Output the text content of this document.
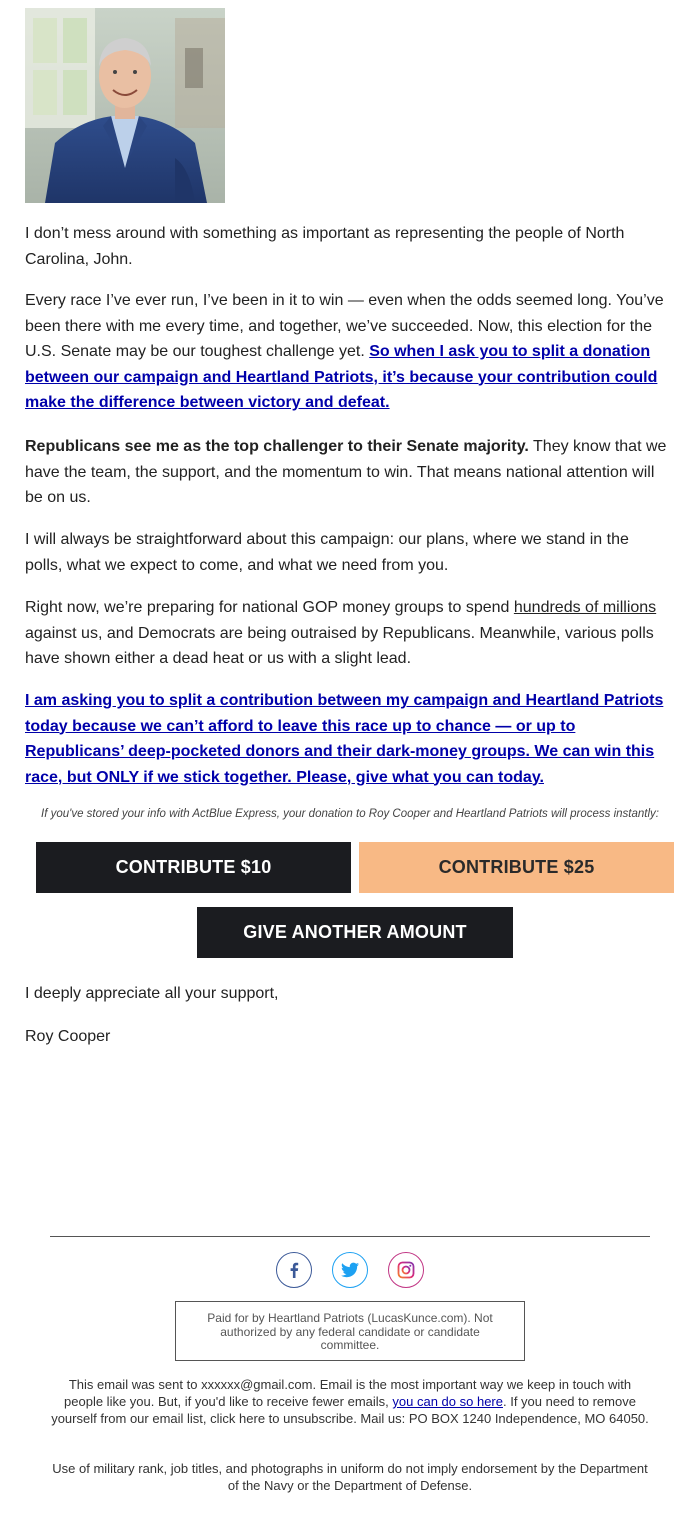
I don’t mess around with something as important as representing the people of North Carolina, John.

Every race I’ve ever run, I’ve been in it to win — even when the odds seemed long. You’ve been there with me every time, and together, we’ve succeeded. Now, this election for the U.S. Senate may be our toughest challenge yet. So when I ask you to split a donation between our campaign and Heartland Patriots, it’s because your contribution could make the difference between victory and defeat.

Republicans see me as the top challenger to their Senate majority. They know that we have the team, the support, and the momentum to win. That means national attention will be on us.

I will always be straightforward about this campaign: our plans, where we stand in the polls, what we expect to come, and what we need from you.

Right now, we’re preparing for national GOP money groups to spend hundreds of millions against us, and Democrats are being outraised by Republicans. Meanwhile, various polls have shown either a dead heat or us with a slight lead.

I am asking you to split a contribution between my campaign and Heartland Patriots today because we can’t afford to leave this race up to chance — or up to Republicans’ deep-pocketed donors and their dark-money groups. We can win this race, but ONLY if we stick together. Please, give what you can today.

If you've stored your info with ActBlue Express, your donation to Roy Cooper and Heartland Patriots will process instantly:
CONTRIBUTE $10	CONTRIBUTE $25
GIVE ANOTHER AMOUNT
I deeply appreciate all your support,
Roy Cooper
Paid for by Heartland Patriots (LucasKunce.com). Not authorized by any federal candidate or candidate committee.
This email was sent to xxxxxx@gmail.com. Email is the most important way we keep in touch with people like you. But, if you'd like to receive fewer emails, you can do so here. If you need to remove yourself from our email list, click here to unsubscribe. Mail us: PO BOX 1240 Independence, MO 64050.
Use of military rank, job titles, and photographs in uniform do not imply endorsement by the Department of the Navy or the Department of Defense.
